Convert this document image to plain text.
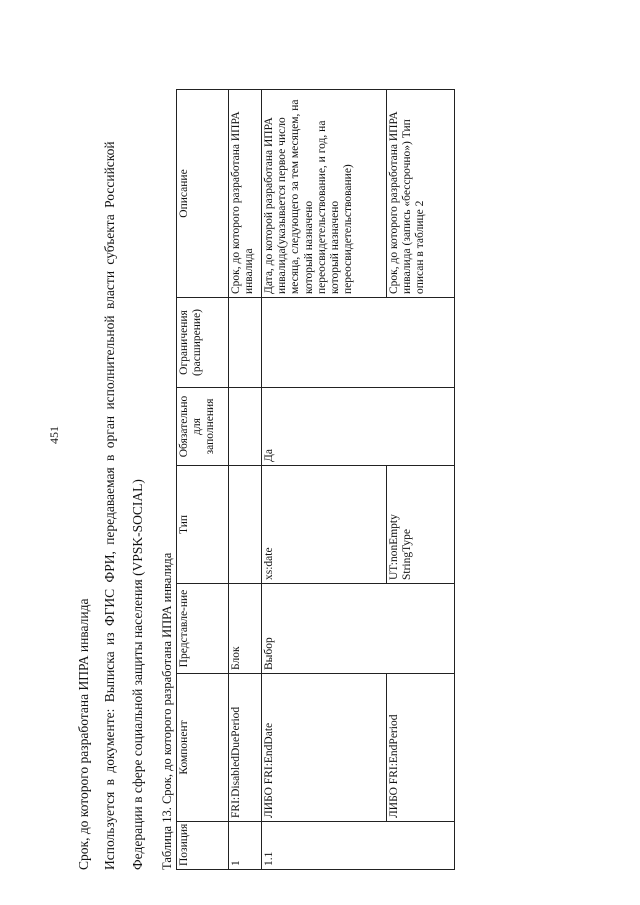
451
Срок, до которого разработана ИПРА инвалида Используется в документе: Выписка из ФГИС ФРИ, передаваемая в орган исполнительной власти субъекта Российской Федерации в сфере социальной защиты населения (VPSK-SOCIAL)	Таблица 13. Срок, до которого разработана ИПРА инвалида Позиция	Компонент	Представле-ние	Тип	Обязательно для заполнения	Ограничения (расширение)	Описание
1	FRI:DisabledDuePeriod	Блок				Срок, до которого разработана ИПРА инвалида
1.1	ЛИБО FRI:EndDate	Выбор	xs:date	Да		Дата, до которой разработана ИПРА инвалида(указывается первое число месяца, следующего за тем месяцем, на который назначено переосвидетельствование, и год, на который назначено переосвидетельствование)
	ЛИБО FRI:EndPeriod		UT:nonEmpty StringType			Срок, до которого разработана ИПРА инвалида (запись «бессрочно») Тип описан в таблице 2
